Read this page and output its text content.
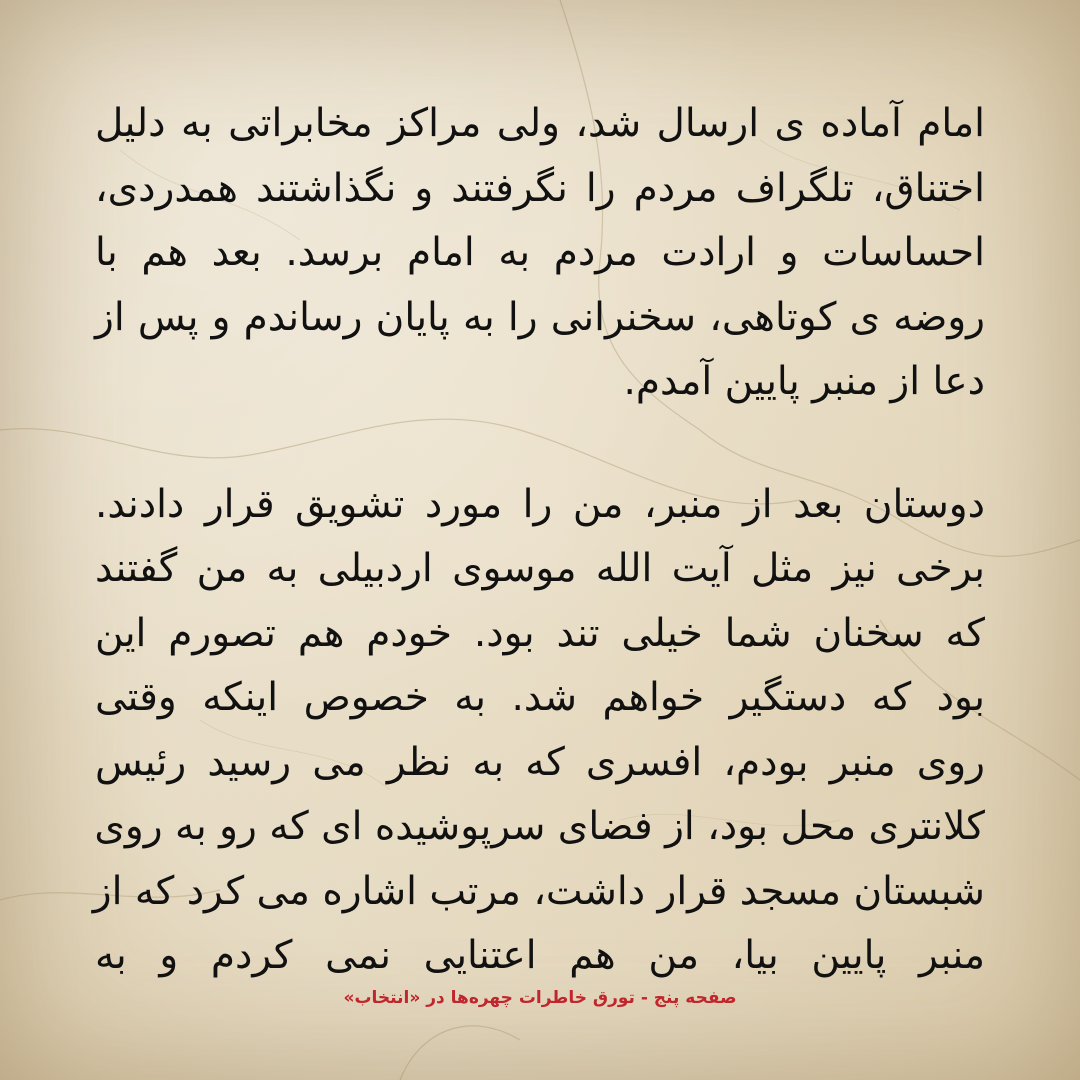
امام آماده ی ارسال شد، ولی مراکز مخابراتی به دلیل
اختناق، تلگراف مردم را نگرفتند و نگذاشتند همدردی،
احساسات و ارادت مردم به امام برسد. بعد هم با
روضه ی کوتاهی، سخنرانی را به پایان رساندم و پس از
دعا از منبر پایین آمدم.

دوستان بعد از منبر، من را مورد تشویق قرار دادند.
برخی نیز مثل آیت الله موسوی اردبیلی به من گفتند
که سخنان شما خیلی تند بود. خودم هم تصورم این
بود که دستگیر خواهم شد. به خصوص اینکه وقتی
روی منبر بودم، افسری که به نظر می رسید رئیس
کلانتری محل بود، از فضای سرپوشیده ای که رو به روی
شبستان مسجد قرار داشت، مرتب اشاره می کرد که از
منبر پایین بیا، من هم اعتنایی نمی کردم و به

صفحه پنج - تورق خاطرات چهره‌ها در «انتخاب»
